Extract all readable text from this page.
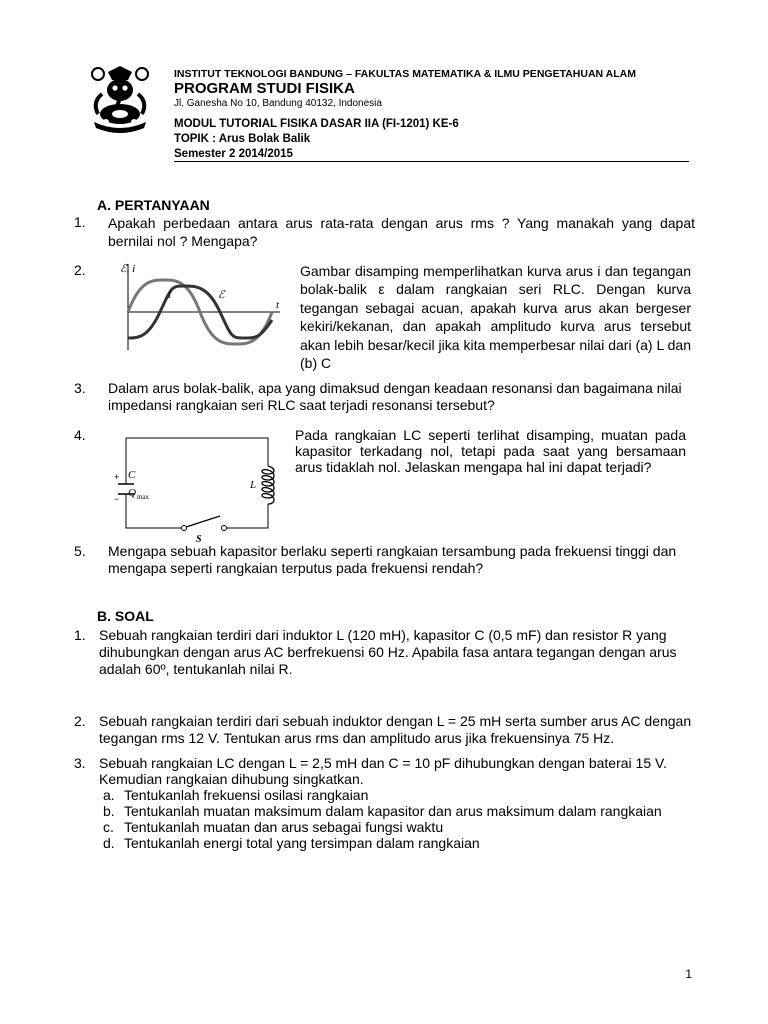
INSTITUT TEKNOLOGI BANDUNG – FAKULTAS MATEMATIKA & ILMU PENGETAHUAN ALAM
PROGRAM STUDI FISIKA
Jl. Ganesha No 10, Bandung 40132, Indonesia
MODUL TUTORIAL FISIKA DASAR IIA (FI-1201) KE-6
TOPIK : Arus Bolak Balik
Semester 2 2014/2015
A. PERTANYAAN
1. Apakah perbedaan antara arus rata-rata dengan arus rms ? Yang manakah yang dapat bernilai nol ? Mengapa?
2.	ℰ, i
i	ℰ
t
Gambar disamping memperlihatkan kurva arus i dan tegangan bolak-balik ε dalam rangkaian seri RLC. Dengan kurva tegangan sebagai acuan, apakah kurva arus akan bergeser kekiri/kekanan, dan apakah amplitudo kurva arus tersebut akan lebih besar/kecil jika kita memperbesar nilai dari (a) L dan (b) C
3. Dalam arus bolak-balik, apa yang dimaksud dengan keadaan resonansi dan bagaimana nilai impedansi rangkaian seri RLC saat terjadi resonansi tersebut?
4.
C
+
− Q max
L
S
Pada rangkaian LC seperti terlihat disamping, muatan pada kapasitor terkadang nol, tetapi pada saat yang bersamaan arus tidaklah nol. Jelaskan mengapa hal ini dapat terjadi?
5. Mengapa sebuah kapasitor berlaku seperti rangkaian tersambung pada frekuensi tinggi dan mengapa seperti rangkaian terputus pada frekuensi rendah?
B. SOAL
1. Sebuah rangkaian terdiri dari induktor L (120 mH), kapasitor C (0,5 mF) dan resistor R yang dihubungkan dengan arus AC berfrekuensi 60 Hz. Apabila fasa antara tegangan dengan arus adalah 60º, tentukanlah nilai R.
2. Sebuah rangkaian terdiri dari sebuah induktor dengan L = 25 mH serta sumber arus AC dengan tegangan rms 12 V. Tentukan arus rms dan amplitudo arus jika frekuensinya 75 Hz.
3. Sebuah rangkaian LC dengan L = 2,5 mH dan C = 10 pF dihubungkan dengan baterai 15 V.
Kemudian rangkaian dihubung singkatkan.
a. Tentukanlah frekuensi osilasi rangkaian
b. Tentukanlah muatan maksimum dalam kapasitor dan arus maksimum dalam rangkaian
c. Tentukanlah muatan dan arus sebagai fungsi waktu
d. Tentukanlah energi total yang tersimpan dalam rangkaian
1
